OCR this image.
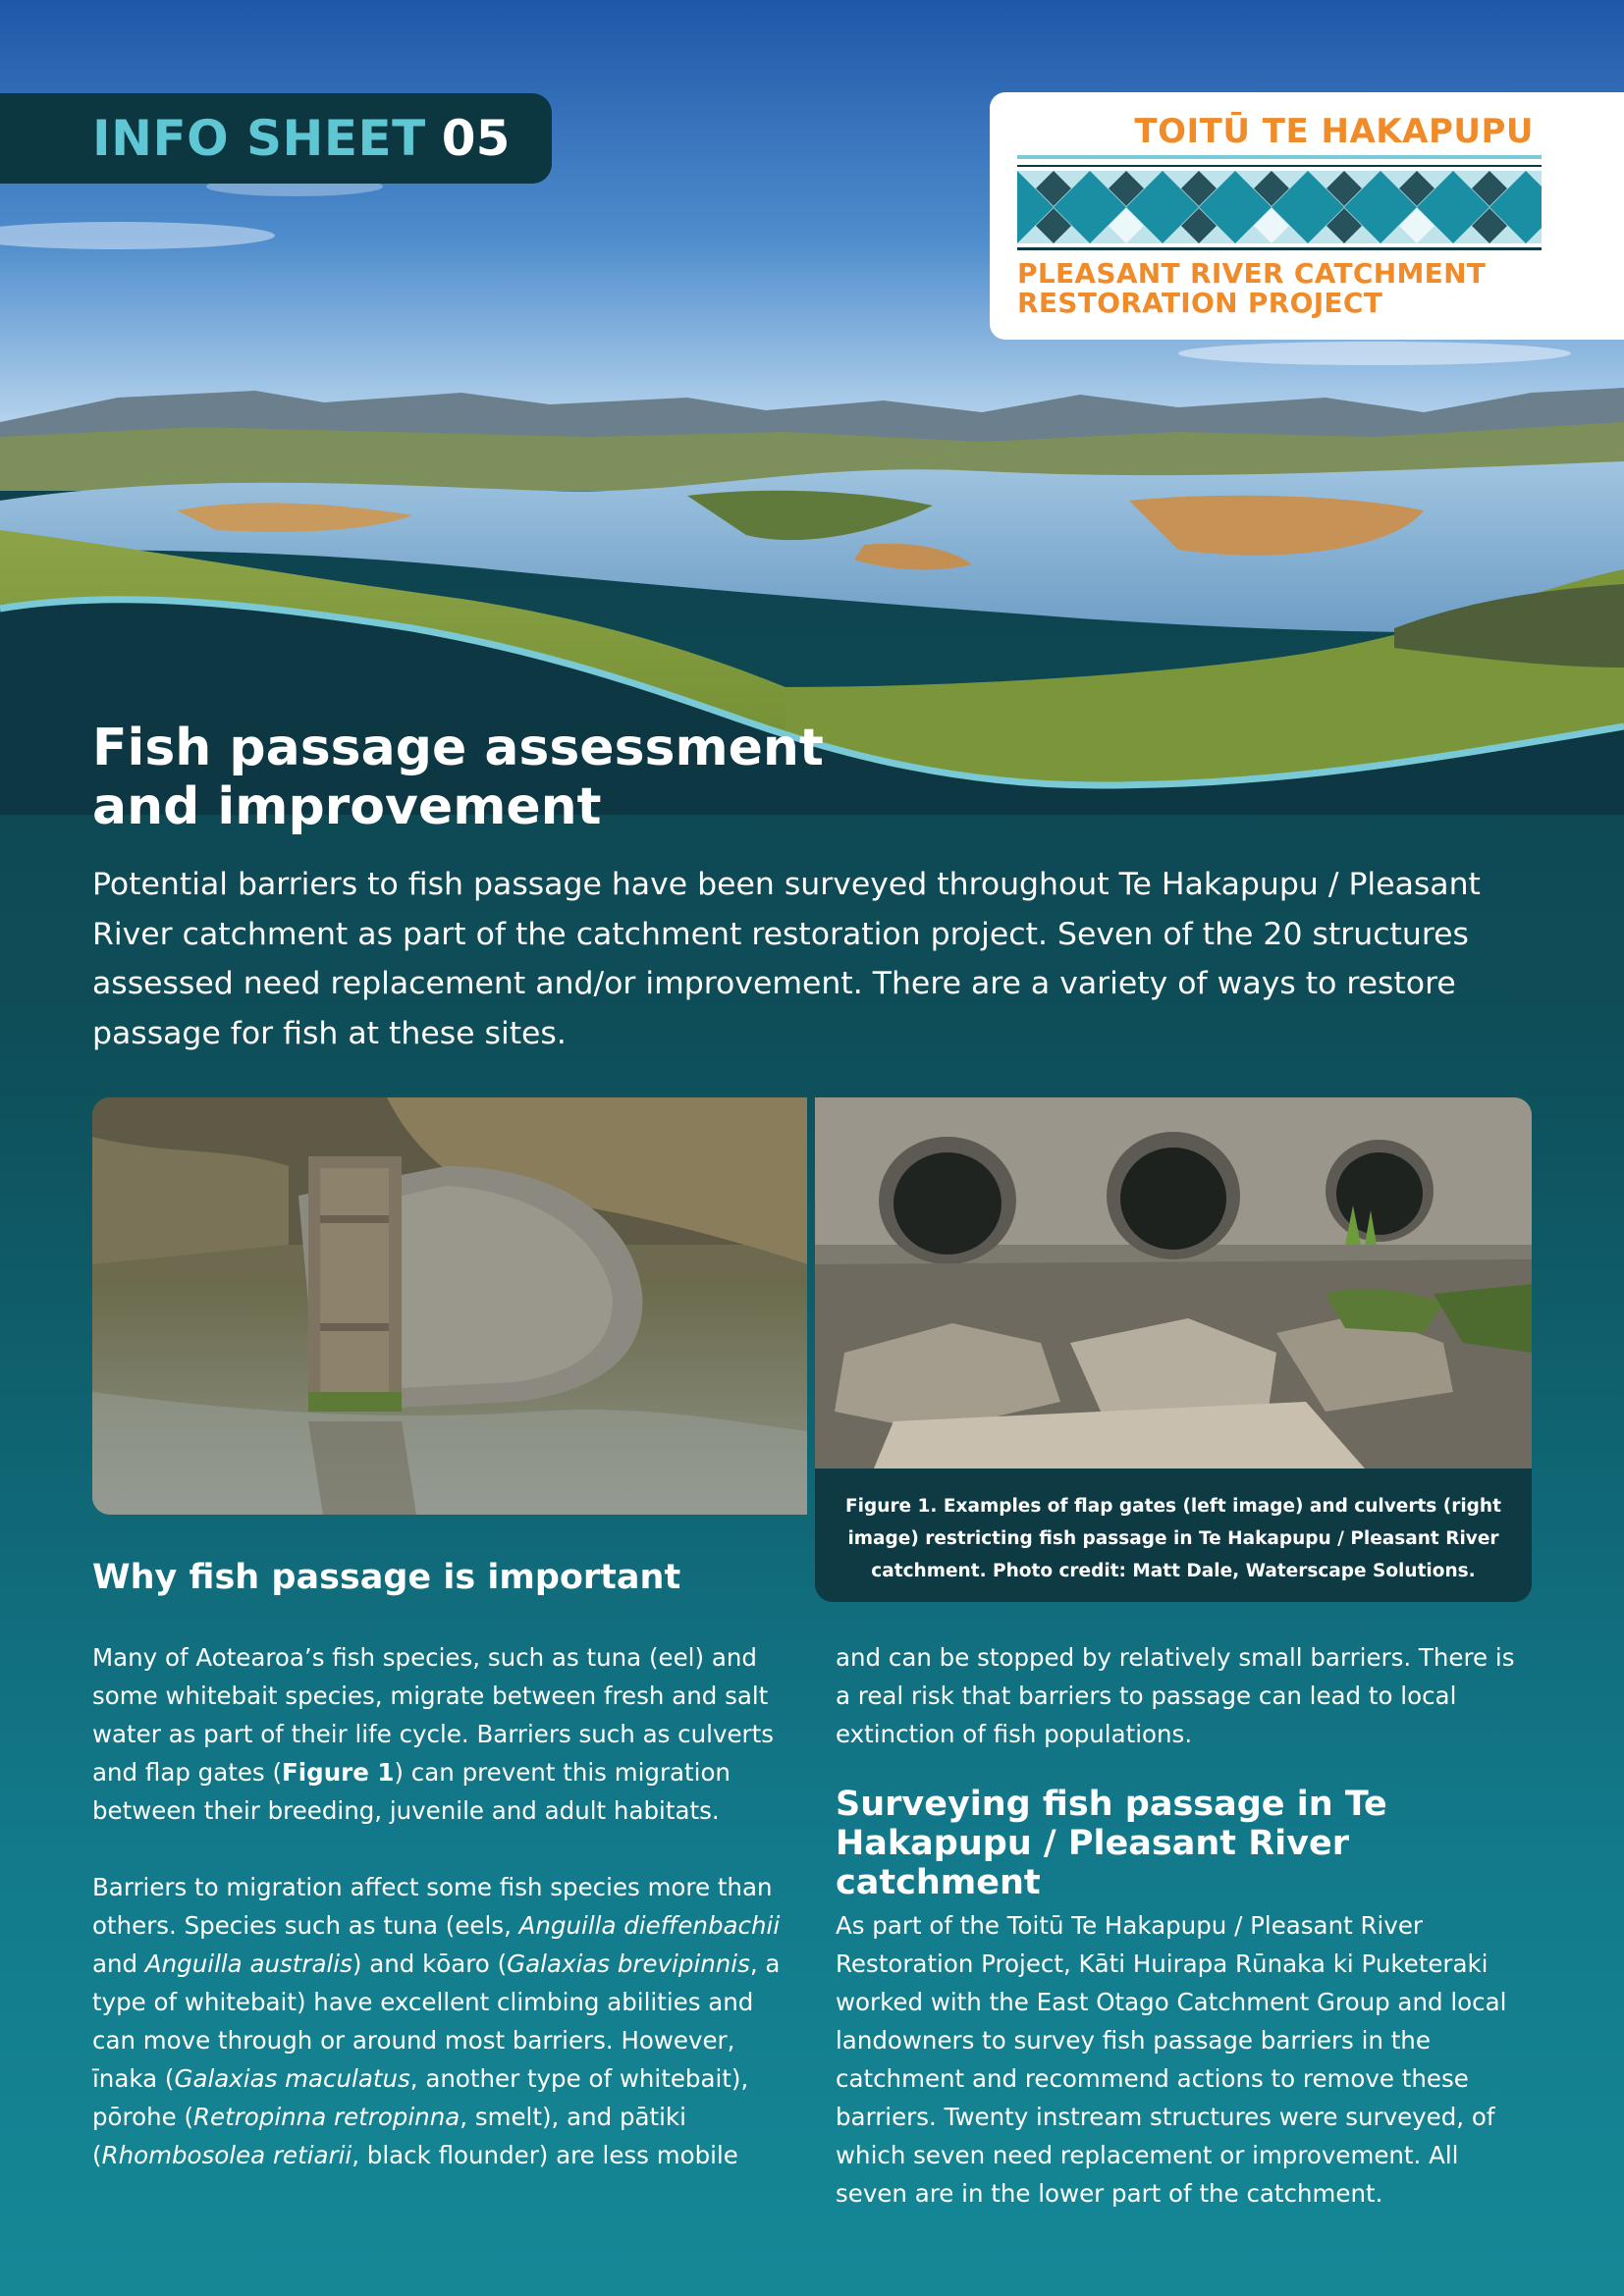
INFO SHEET 05	TOITŪ TE HAKAPUPU
PLEASANT RIVER CATCHMENT
RESTORATION PROJECT
Fish passage assessment
and improvement

Potential barriers to fish passage have been surveyed throughout Te Hakapupu / Pleasant River catchment as part of the catchment restoration project. Seven of the 20 structures assessed need replacement and/or improvement. There are a variety of ways to restore passage for fish at these sites.

Figure 1. Examples of flap gates (left image) and culverts (right image) restricting fish passage in Te Hakapupu / Pleasant River catchment. Photo credit: Matt Dale, Waterscape Solutions.
Why fish passage is important

Many of Aotearoa’s fish species, such as tuna (eel) and some whitebait species, migrate between fresh and salt water as part of their life cycle. Barriers such as culverts and flap gates (Figure 1) can prevent this migration between their breeding, juvenile and adult habitats.

Barriers to migration affect some fish species more than others. Species such as tuna (eels, Anguilla dieffenbachii and Anguilla australis) and kōaro (Galaxias brevipinnis, a type of whitebait) have excellent climbing abilities and can move through or around most barriers. However, īnaka (Galaxias maculatus, another type of whitebait), pōrohe (Retropinna retropinna, smelt), and pātiki (Rhombosolea retiarii, black flounder) are less mobile

and can be stopped by relatively small barriers. There is a real risk that barriers to passage can lead to local extinction of fish populations.

Surveying fish passage in Te
Hakapupu / Pleasant River catchment

As part of the Toitū Te Hakapupu / Pleasant River Restoration Project, Kāti Huirapa Rūnaka ki Puketeraki worked with the East Otago Catchment Group and local landowners to survey fish passage barriers in the catchment and recommend actions to remove these barriers. Twenty instream structures were surveyed, of which seven need replacement or improvement. All seven are in the lower part of the catchment.
